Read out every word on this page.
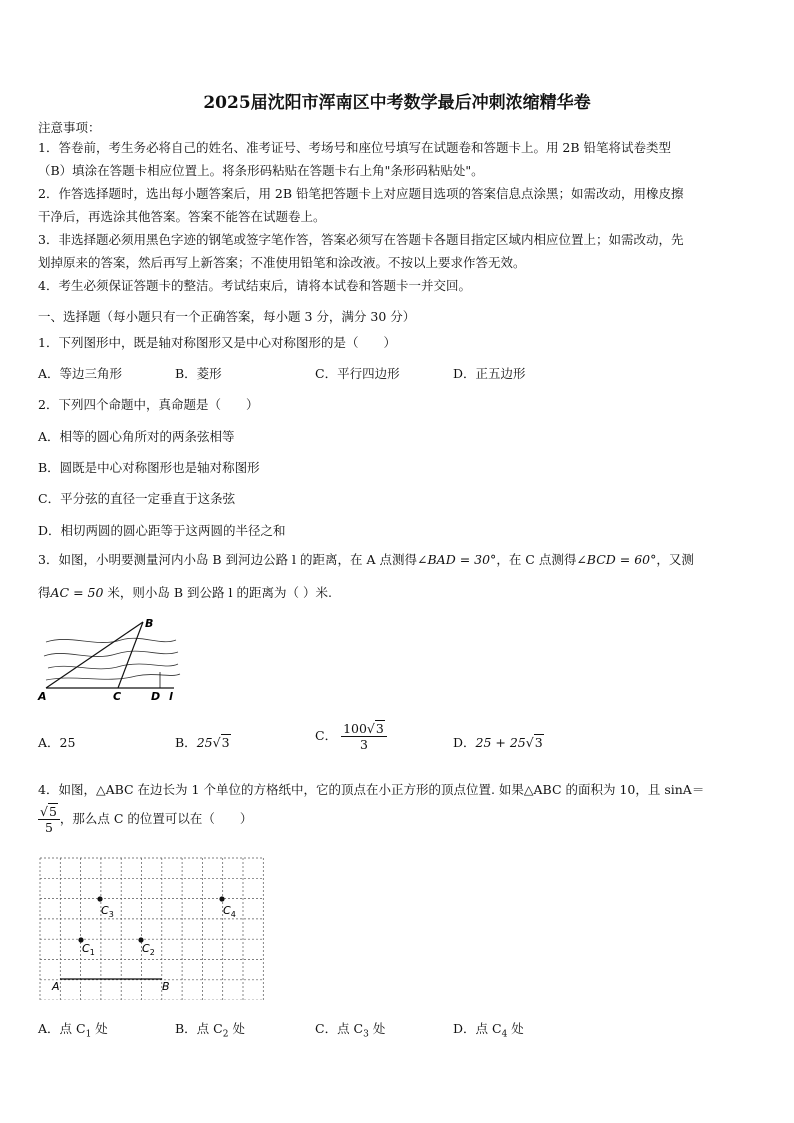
2025届沈阳市浑南区中考数学最后冲刺浓缩精华卷
注意事项：
1．答卷前，考生务必将自己的姓名、准考证号、考场号和座位号填写在试题卷和答题卡上。用 2B 铅笔将试卷类型
（B）填涂在答题卡相应位置上。将条形码粘贴在答题卡右上角"条形码粘贴处"。
2．作答选择题时，选出每小题答案后，用 2B 铅笔把答题卡上对应题目选项的答案信息点涂黑；如需改动，用橡皮擦
干净后，再选涂其他答案。答案不能答在试题卷上。
3．非选择题必须用黑色字迹的钢笔或签字笔作答，答案必须写在答题卡各题目指定区域内相应位置上；如需改动，先
划掉原来的答案，然后再写上新答案；不准使用铅笔和涂改液。不按以上要求作答无效。
4．考生必须保证答题卡的整洁。考试结束后，请将本试卷和答题卡一并交回。
一、选择题（每小题只有一个正确答案，每小题 3 分，满分 30 分）
1．下列图形中，既是轴对称图形又是中心对称图形的是（　　）
A．等边三角形	B．菱形	C．平行四边形	D．正五边形
2．下列四个命题中，真命题是（　　）
A．相等的圆心角所对的两条弦相等
B．圆既是中心对称图形也是轴对称图形
C．平分弦的直径一定垂直于这条弦
D．相切两圆的圆心距等于这两圆的半径之和
3．如图，小明要测量河内小岛 B 到河边公路 l 的距离，在 A 点测得∠BAD = 30°，在 C 点测得∠BCD = 60°，又测
得AC = 50 米，则小岛 B 到公路 l 的距离为（ ）米.
B
A	C	D l
A．25	B．25√3	C． $\frac{100√3}{3}$	D．25 + 25√3
4．如图，△ABC 在边长为 1 个单位的方格纸中，它的顶点在小正方形的顶点位置. 如果△ABC 的面积为 10，且 sinA＝
$\frac{√5}{5}$ ，那么点 C 的位置可以在（　　）
A	B
$C_3$	$C_4$
$C_1$	$C_2$
A．点 $C_1$ 处	B．点 $C_2$ 处	C．点 $C_3$ 处	D．点 $C_4$ 处
